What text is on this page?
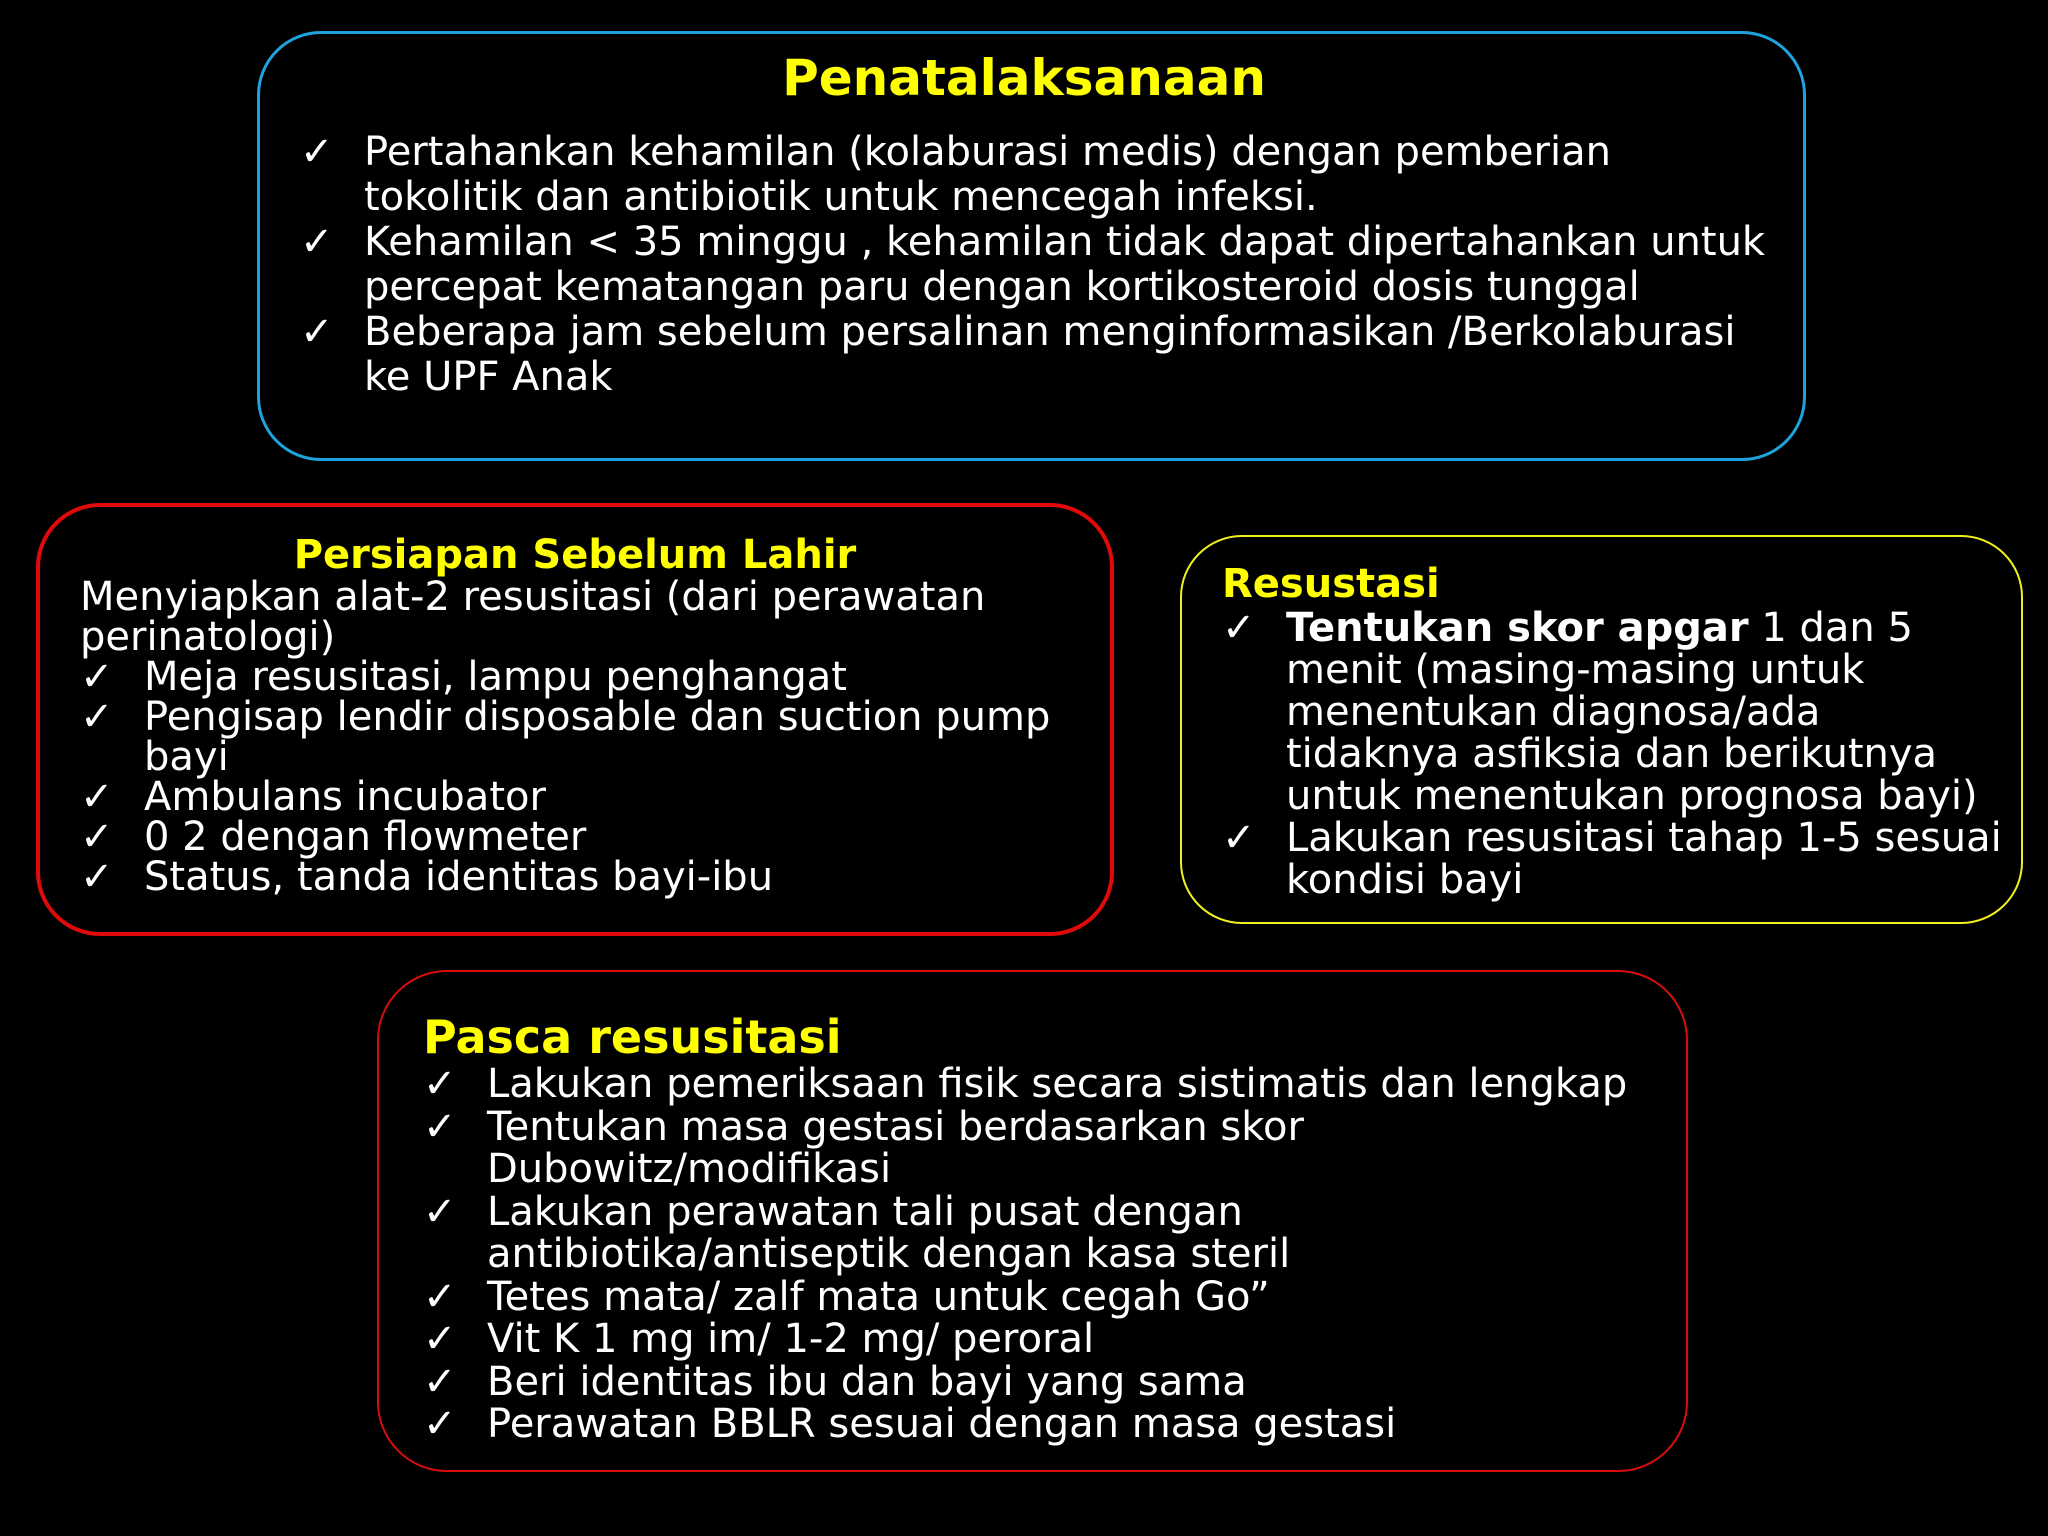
Penatalaksanaan
✓ Pertahankan kehamilan (kolaburasi medis) dengan pemberian tokolitik dan antibiotik untuk mencegah infeksi.
✓ Kehamilan < 35 minggu , kehamilan tidak dapat dipertahankan untuk percepat kematangan paru dengan kortikosteroid dosis tunggal
✓ Beberapa jam sebelum persalinan menginformasikan /Berkolaburasi ke UPF Anak
Persiapan Sebelum Lahir
Menyiapkan alat-2 resusitasi (dari perawatan
perinatologi)
✓ Meja resusitasi, lampu penghangat
✓ Pengisap lendir disposable dan suction pump bayi
✓ Ambulans incubator
✓ 0 2 dengan flowmeter
✓ Status, tanda identitas bayi-ibu
Resustasi
✓ Tentukan skor apgar 1 dan 5 menit (masing-masing untuk menentukan diagnosa/ada tidaknya asfiksia dan berikutnya untuk menentukan prognosa bayi)
✓ Lakukan resusitasi tahap 1-5 sesuai kondisi bayi
Pasca resusitasi
✓ Lakukan pemeriksaan fisik secara sistimatis dan lengkap
✓ Tentukan masa gestasi berdasarkan skor Dubowitz/modifikasi
✓ Lakukan perawatan tali pusat dengan antibiotika/antiseptik dengan kasa steril
✓ Tetes mata/ zalf mata untuk cegah Go”
✓ Vit K 1 mg im/ 1-2 mg/ peroral
✓ Beri identitas ibu dan bayi yang sama
✓ Perawatan BBLR sesuai dengan masa gestasi
